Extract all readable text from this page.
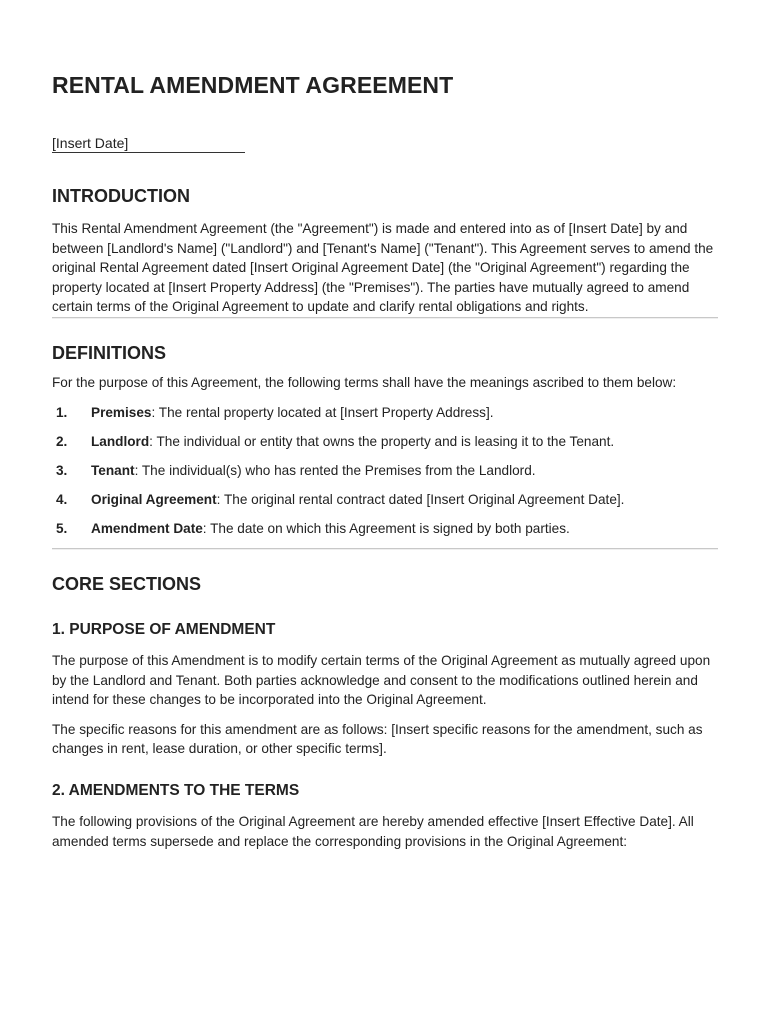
RENTAL AMENDMENT AGREEMENT
[Insert Date]
INTRODUCTION

This Rental Amendment Agreement (the "Agreement") is made and entered into as of [Insert Date] by and between [Landlord's Name] ("Landlord") and [Tenant's Name] ("Tenant"). This Agreement serves to amend the original Rental Agreement dated [Insert Original Agreement Date] (the "Original Agreement") regarding the property located at [Insert Property Address] (the "Premises"). The parties have mutually agreed to amend certain terms of the Original Agreement to update and clarify rental obligations and rights.

DEFINITIONS

For the purpose of this Agreement, the following terms shall have the meanings ascribed to them below:

1.	Premises: The rental property located at [Insert Property Address].
2.	Landlord: The individual or entity that owns the property and is leasing it to the Tenant.
3.	Tenant: The individual(s) who has rented the Premises from the Landlord.
4.	Original Agreement: The original rental contract dated [Insert Original Agreement Date].
5.	Amendment Date: The date on which this Agreement is signed by both parties.
CORE SECTIONS
1. PURPOSE OF AMENDMENT

The purpose of this Amendment is to modify certain terms of the Original Agreement as mutually agreed upon by the Landlord and Tenant. Both parties acknowledge and consent to the modifications outlined herein and intend for these changes to be incorporated into the Original Agreement.

The specific reasons for this amendment are as follows: [Insert specific reasons for the amendment, such as changes in rent, lease duration, or other specific terms].

2. AMENDMENTS TO THE TERMS

The following provisions of the Original Agreement are hereby amended effective [Insert Effective Date]. All amended terms supersede and replace the corresponding provisions in the Original Agreement:
